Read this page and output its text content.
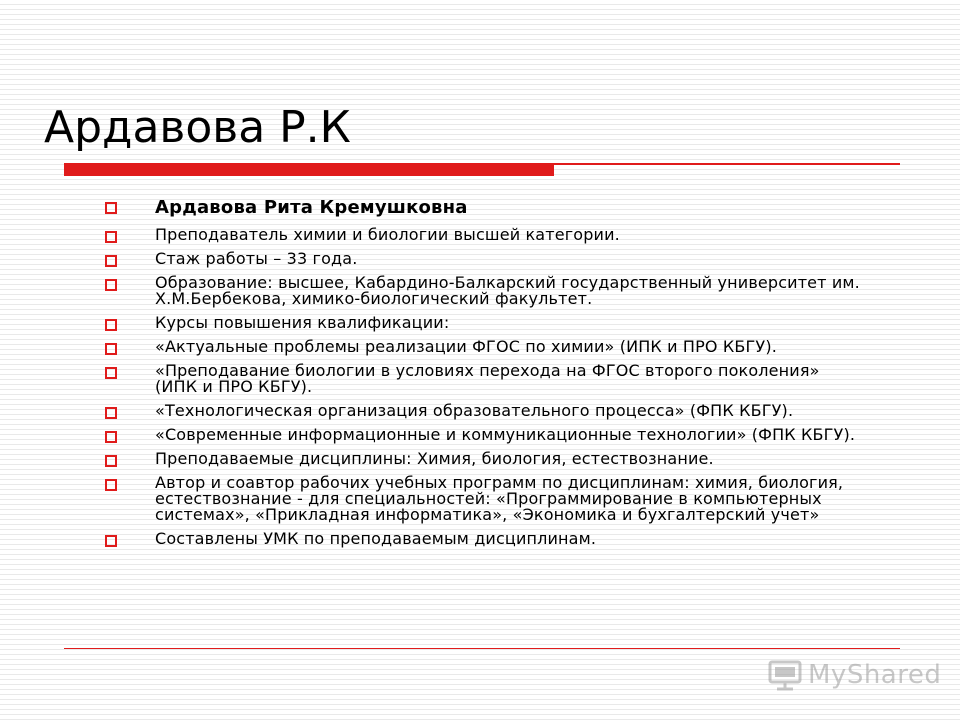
Ардавова Р.К
Ардавова Рита Кремушковна
Преподаватель химии и биологии высшей категории.
Стаж работы – 33 года.
Образование: высшее, Кабардино-Балкарский государственный университет им. Х.М.Бербекова, химико-биологический факультет.
Курсы повышения квалификации:
«Актуальные проблемы реализации ФГОС по химии» (ИПК и ПРО КБГУ).
«Преподавание биологии в условиях перехода на ФГОС второго поколения» (ИПК и ПРО КБГУ).
«Технологическая организация образовательного процесса» (ФПК КБГУ).
«Современные информационные и коммуникационные технологии» (ФПК КБГУ).
Преподаваемые дисциплины: Химия, биология, естествознание.
Автор и соавтор рабочих учебных программ по дисциплинам: химия, биология, естествознание - для специальностей: «Программирование в компьютерных системах», «Прикладная информатика», «Экономика и бухгалтерский учет»
Составлены УМК по преподаваемым дисциплинам.
MyShared
